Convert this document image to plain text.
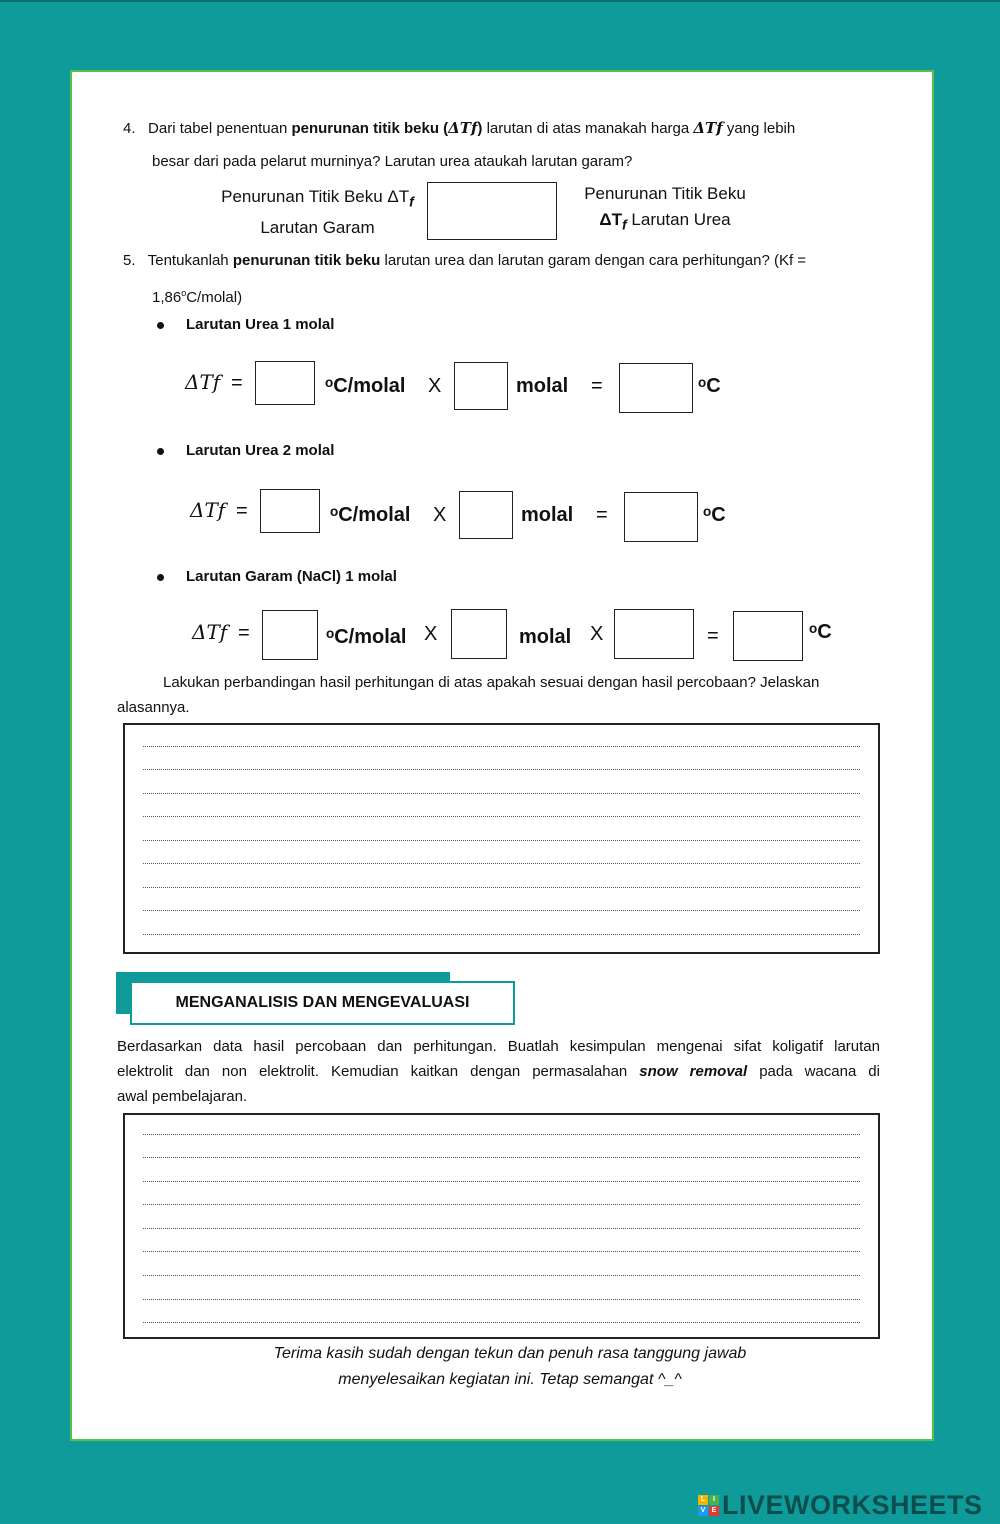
4. Dari tabel penentuan penurunan titik beku (ΔTf) larutan di atas manakah harga ΔTf yang lebih
besar dari pada pelarut murninya? Larutan urea ataukah larutan garam?
Penurunan Titik Beku $\Delta T_f$
Larutan Garam
Penurunan Titik Beku
$\Delta T_f$ Larutan Urea
5. Tentukanlah penurunan titik beku larutan urea dan larutan garam dengan cara perhitungan? (Kf =
$1,86^oC/molal$)
Larutan Urea 1 molal
ΔTf =	ᵒC/molal X	molal =	ᵒC
Larutan Urea 2 molal
ΔTf =	ᵒC/molal X	molal =	ᵒC
Larutan Garam (NaCl) 1 molal
ΔTf =	ᵒC/molal X	molal X	=	ᵒC
Lakukan perbandingan hasil perhitungan di atas apakah sesuai dengan hasil percobaan? Jelaskan
alasannya.
MENGANALISIS DAN MENGEVALUASI
Berdasarkan data hasil percobaan dan perhitungan. Buatlah kesimpulan mengenai sifat koligatif larutan
elektrolit dan non elektrolit. Kemudian kaitkan dengan permasalahan snow removal pada wacana di
awal pembelajaran.
Terima kasih sudah dengan tekun dan penuh rasa tanggung jawab
menyelesaikan kegiatan ini. Tetap semangat ^_^
L	I
V E LIVEWORKSHEETS
